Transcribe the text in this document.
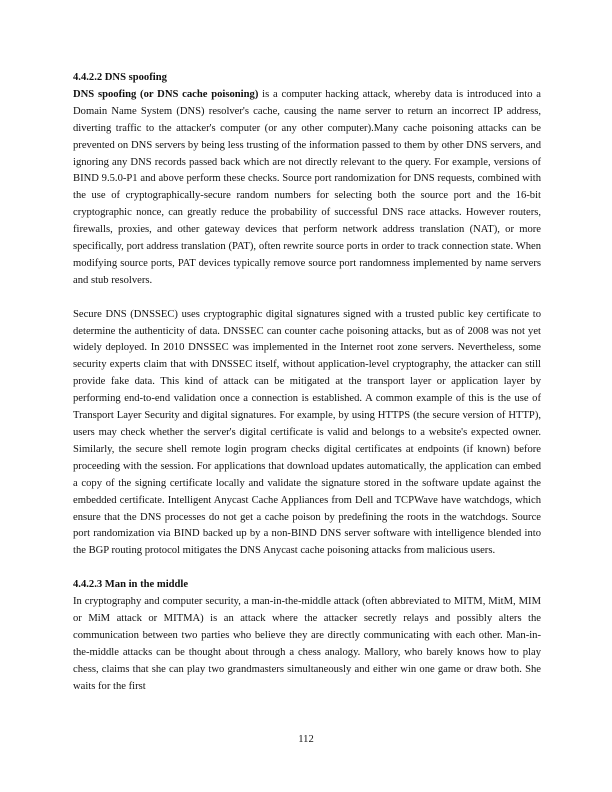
4.4.2.2 DNS spoofing

DNS spoofing (or DNS cache poisoning) is a computer hacking attack, whereby data is introduced into a Domain Name System (DNS) resolver's cache, causing the name server to return an incorrect IP address, diverting traffic to the attacker's computer (or any other computer).Many cache poisoning attacks can be prevented on DNS servers by being less trusting of the information passed to them by other DNS servers, and ignoring any DNS records passed back which are not directly relevant to the query. For example, versions of BIND 9.5.0-P1 and above perform these checks. Source port randomization for DNS requests, combined with the use of cryptographically-secure random numbers for selecting both the source port and the 16-bit cryptographic nonce, can greatly reduce the probability of successful DNS race attacks. However routers, firewalls, proxies, and other gateway devices that perform network address translation (NAT), or more specifically, port address translation (PAT), often rewrite source ports in order to track connection state. When modifying source ports, PAT devices typically remove source port randomness implemented by name servers and stub resolvers.

Secure DNS (DNSSEC) uses cryptographic digital signatures signed with a trusted public key certificate to determine the authenticity of data. DNSSEC can counter cache poisoning attacks, but as of 2008 was not yet widely deployed. In 2010 DNSSEC was implemented in the Internet root zone servers. Nevertheless, some security experts claim that with DNSSEC itself, without application-level cryptography, the attacker can still provide fake data. This kind of attack can be mitigated at the transport layer or application layer by performing end-to-end validation once a connection is established. A common example of this is the use of Transport Layer Security and digital signatures. For example, by using HTTPS (the secure version of HTTP), users may check whether the server's digital certificate is valid and belongs to a website's expected owner. Similarly, the secure shell remote login program checks digital certificates at endpoints (if known) before proceeding with the session. For applications that download updates automatically, the application can embed a copy of the signing certificate locally and validate the signature stored in the software update against the embedded certificate. Intelligent Anycast Cache Appliances from Dell and TCPWave have watchdogs, which ensure that the DNS processes do not get a cache poison by predefining the roots in the watchdogs. Source port randomization via BIND backed up by a non-BIND DNS server software with intelligence blended into the BGP routing protocol mitigates the DNS Anycast cache poisoning attacks from malicious users.

4.4.2.3 Man in the middle

In cryptography and computer security, a man-in-the-middle attack (often abbreviated to MITM, MitM, MIM or MiM attack or MITMA) is an attack where the attacker secretly relays and possibly alters the communication between two parties who believe they are directly communicating with each other. Man-in-the-middle attacks can be thought about through a chess analogy. Mallory, who barely knows how to play chess, claims that she can play two grandmasters simultaneously and either win one game or draw both. She waits for the first

112
